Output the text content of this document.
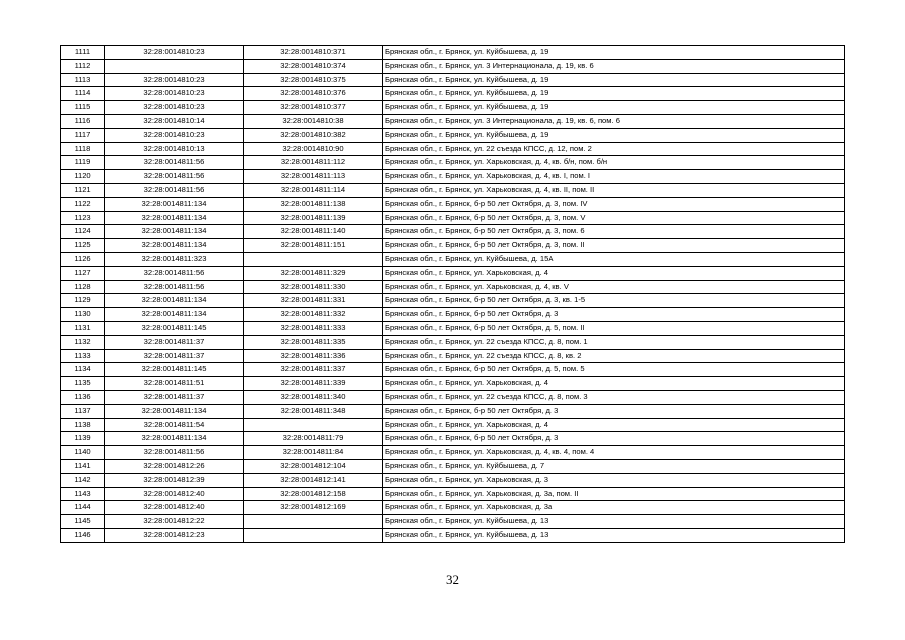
1111	32:28:0014810:23	32:28:0014810:371	Брянская обл., г. Брянск, ул. Куйбышева, д. 19
1112		32:28:0014810:374	Брянская обл., г. Брянск, ул. 3 Интернационала, д. 19, кв. 6
1113	32:28:0014810:23	32:28:0014810:375	Брянская обл., г. Брянск, ул. Куйбышева, д. 19
1114	32:28:0014810:23	32:28:0014810:376	Брянская обл., г. Брянск, ул. Куйбышева, д. 19
1115	32:28:0014810:23	32:28:0014810:377	Брянская обл., г. Брянск, ул. Куйбышева, д. 19
1116	32:28:0014810:14	32:28:0014810:38	Брянская обл., г. Брянск, ул. 3 Интернационала, д. 19, кв. 6, пом. 6
1117	32:28:0014810:23	32:28:0014810:382	Брянская обл., г. Брянск, ул. Куйбышева, д. 19
1118	32:28:0014810:13	32:28:0014810:90	Брянская обл., г. Брянск, ул. 22 съезда КПСС, д. 12, пом. 2
1119	32:28:0014811:56	32:28:0014811:112	Брянская обл., г. Брянск, ул. Харьковская, д. 4, кв. б/н, пом. б/н
1120	32:28:0014811:56	32:28:0014811:113	Брянская обл., г. Брянск, ул. Харьковская, д. 4, кв. I, пом. I
1121	32:28:0014811:56	32:28:0014811:114	Брянская обл., г. Брянск, ул. Харьковская, д. 4, кв. II, пом. II
1122	32:28:0014811:134	32:28:0014811:138	Брянская обл., г. Брянск, б-р 50 лет Октября, д. 3, пом. IV
1123	32:28:0014811:134	32:28:0014811:139	Брянская обл., г. Брянск, б-р 50 лет Октября, д. 3, пом. V
1124	32:28:0014811:134	32:28:0014811:140	Брянская обл., г. Брянск, б-р 50 лет Октября, д. 3, пом. 6
1125	32:28:0014811:134	32:28:0014811:151	Брянская обл., г. Брянск, б-р 50 лет Октября, д. 3, пом. II
1126	32:28:0014811:323		Брянская обл., г. Брянск, ул. Куйбышева, д. 15А
1127	32:28:0014811:56	32:28:0014811:329	Брянская обл., г. Брянск, ул. Харьковская, д. 4
1128	32:28:0014811:56	32:28:0014811:330	Брянская обл., г. Брянск, ул. Харьковская, д. 4, кв. V
1129	32:28:0014811:134	32:28:0014811:331	Брянская обл., г. Брянск, б-р 50 лет Октября, д. 3, кв. 1-5
1130	32:28:0014811:134	32:28:0014811:332	Брянская обл., г. Брянск, б-р 50 лет Октября, д. 3
1131	32:28:0014811:145	32:28:0014811:333	Брянская обл., г. Брянск, б-р 50 лет Октября, д. 5, пом. II
1132	32:28:0014811:37	32:28:0014811:335	Брянская обл., г. Брянск, ул. 22 съезда КПСС, д. 8, пом. 1
1133	32:28:0014811:37	32:28:0014811:336	Брянская обл., г. Брянск, ул. 22 съезда КПСС, д. 8, кв. 2
1134	32:28:0014811:145	32:28:0014811:337	Брянская обл., г. Брянск, б-р 50 лет Октября, д. 5, пом. 5
1135	32:28:0014811:51	32:28:0014811:339	Брянская обл., г. Брянск, ул. Харьковская, д. 4
1136	32:28:0014811:37	32:28:0014811:340	Брянская обл., г. Брянск, ул. 22 съезда КПСС, д. 8, пом. 3
1137	32:28:0014811:134	32:28:0014811:348	Брянская обл., г. Брянск, б-р 50 лет Октября, д. 3
1138	32:28:0014811:54		Брянская обл., г. Брянск, ул. Харьковская, д. 4
1139	32:28:0014811:134	32:28:0014811:79	Брянская обл., г. Брянск, б-р 50 лет Октября, д. 3
1140	32:28:0014811:56	32:28:0014811:84	Брянская обл., г. Брянск, ул. Харьковская, д. 4, кв. 4, пом. 4
1141	32:28:0014812:26	32:28:0014812:104	Брянская обл., г. Брянск, ул. Куйбышева, д. 7
1142	32:28:0014812:39	32:28:0014812:141	Брянская обл., г. Брянск, ул. Харьковская, д. 3
1143	32:28:0014812:40	32:28:0014812:158	Брянская обл., г. Брянск, ул. Харьковская, д. 3а, пом. II
1144	32:28:0014812:40	32:28:0014812:169	Брянская обл., г. Брянск, ул. Харьковская, д. 3а
1145	32:28:0014812:22		Брянская обл., г. Брянск, ул. Куйбышева, д. 13
1146	32:28:0014812:23		Брянская обл., г. Брянск, ул. Куйбышева, д. 13
32
